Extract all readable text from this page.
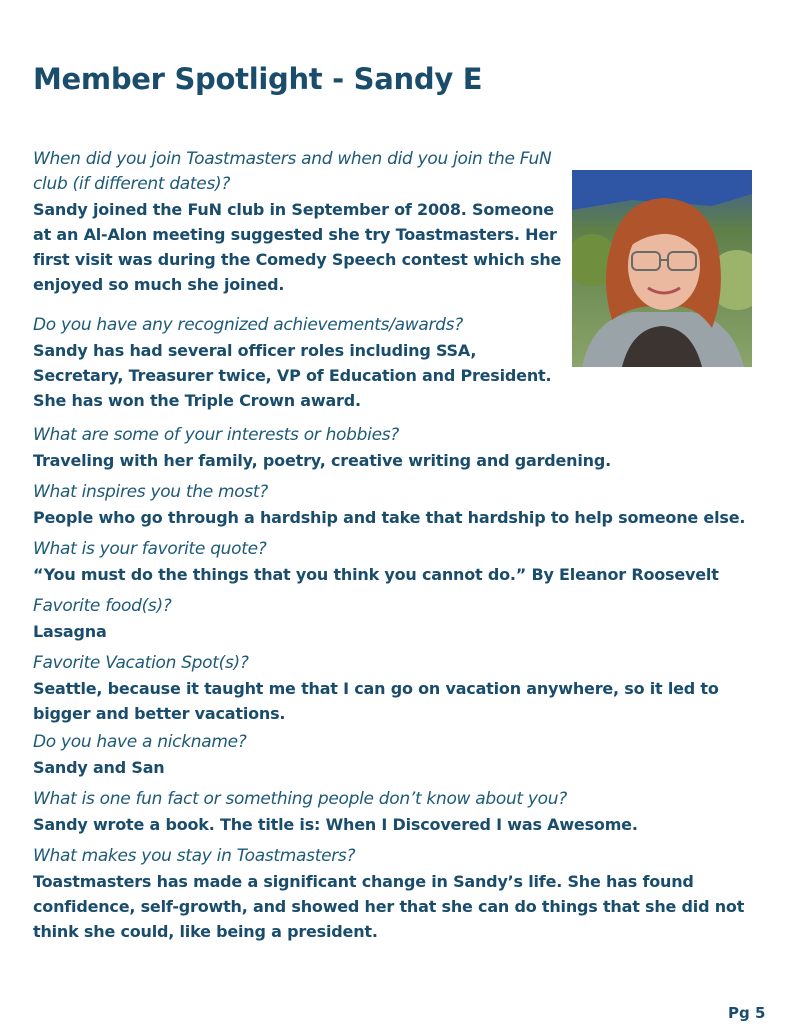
Member Spotlight - Sandy E

When did you join Toastmasters and when did you join the FuN club (if different dates)?

Sandy joined the FuN club in September of 2008. Someone at an Al-Alon meeting suggested she try Toastmasters. Her first visit was during the Comedy Speech contest which she enjoyed so much she joined.

Do you have any recognized achievements/awards?

Sandy has had several officer roles including SSA, Secretary, Treasurer twice, VP of Education and President. She has won the Triple Crown award.

What are some of your interests or hobbies?

Traveling with her family, poetry, creative writing and gardening.

What inspires you the most?

People who go through a hardship and take that hardship to help someone else.

What is your favorite quote?

“You must do the things that you think you cannot do.” By Eleanor Roosevelt

Favorite food(s)?

Lasagna

Favorite Vacation Spot(s)?

Seattle, because it taught me that I can go on vacation anywhere, so it led to bigger and better vacations.

Do you have a nickname?

Sandy and San

What is one fun fact or something people don’t know about you?

Sandy wrote a book. The title is: When I Discovered I was Awesome.

What makes you stay in Toastmasters?

Toastmasters has made a significant change in Sandy’s life. She has found confidence, self-growth, and showed her that she can do things that she did not think she could, like being a president.

Pg 5
